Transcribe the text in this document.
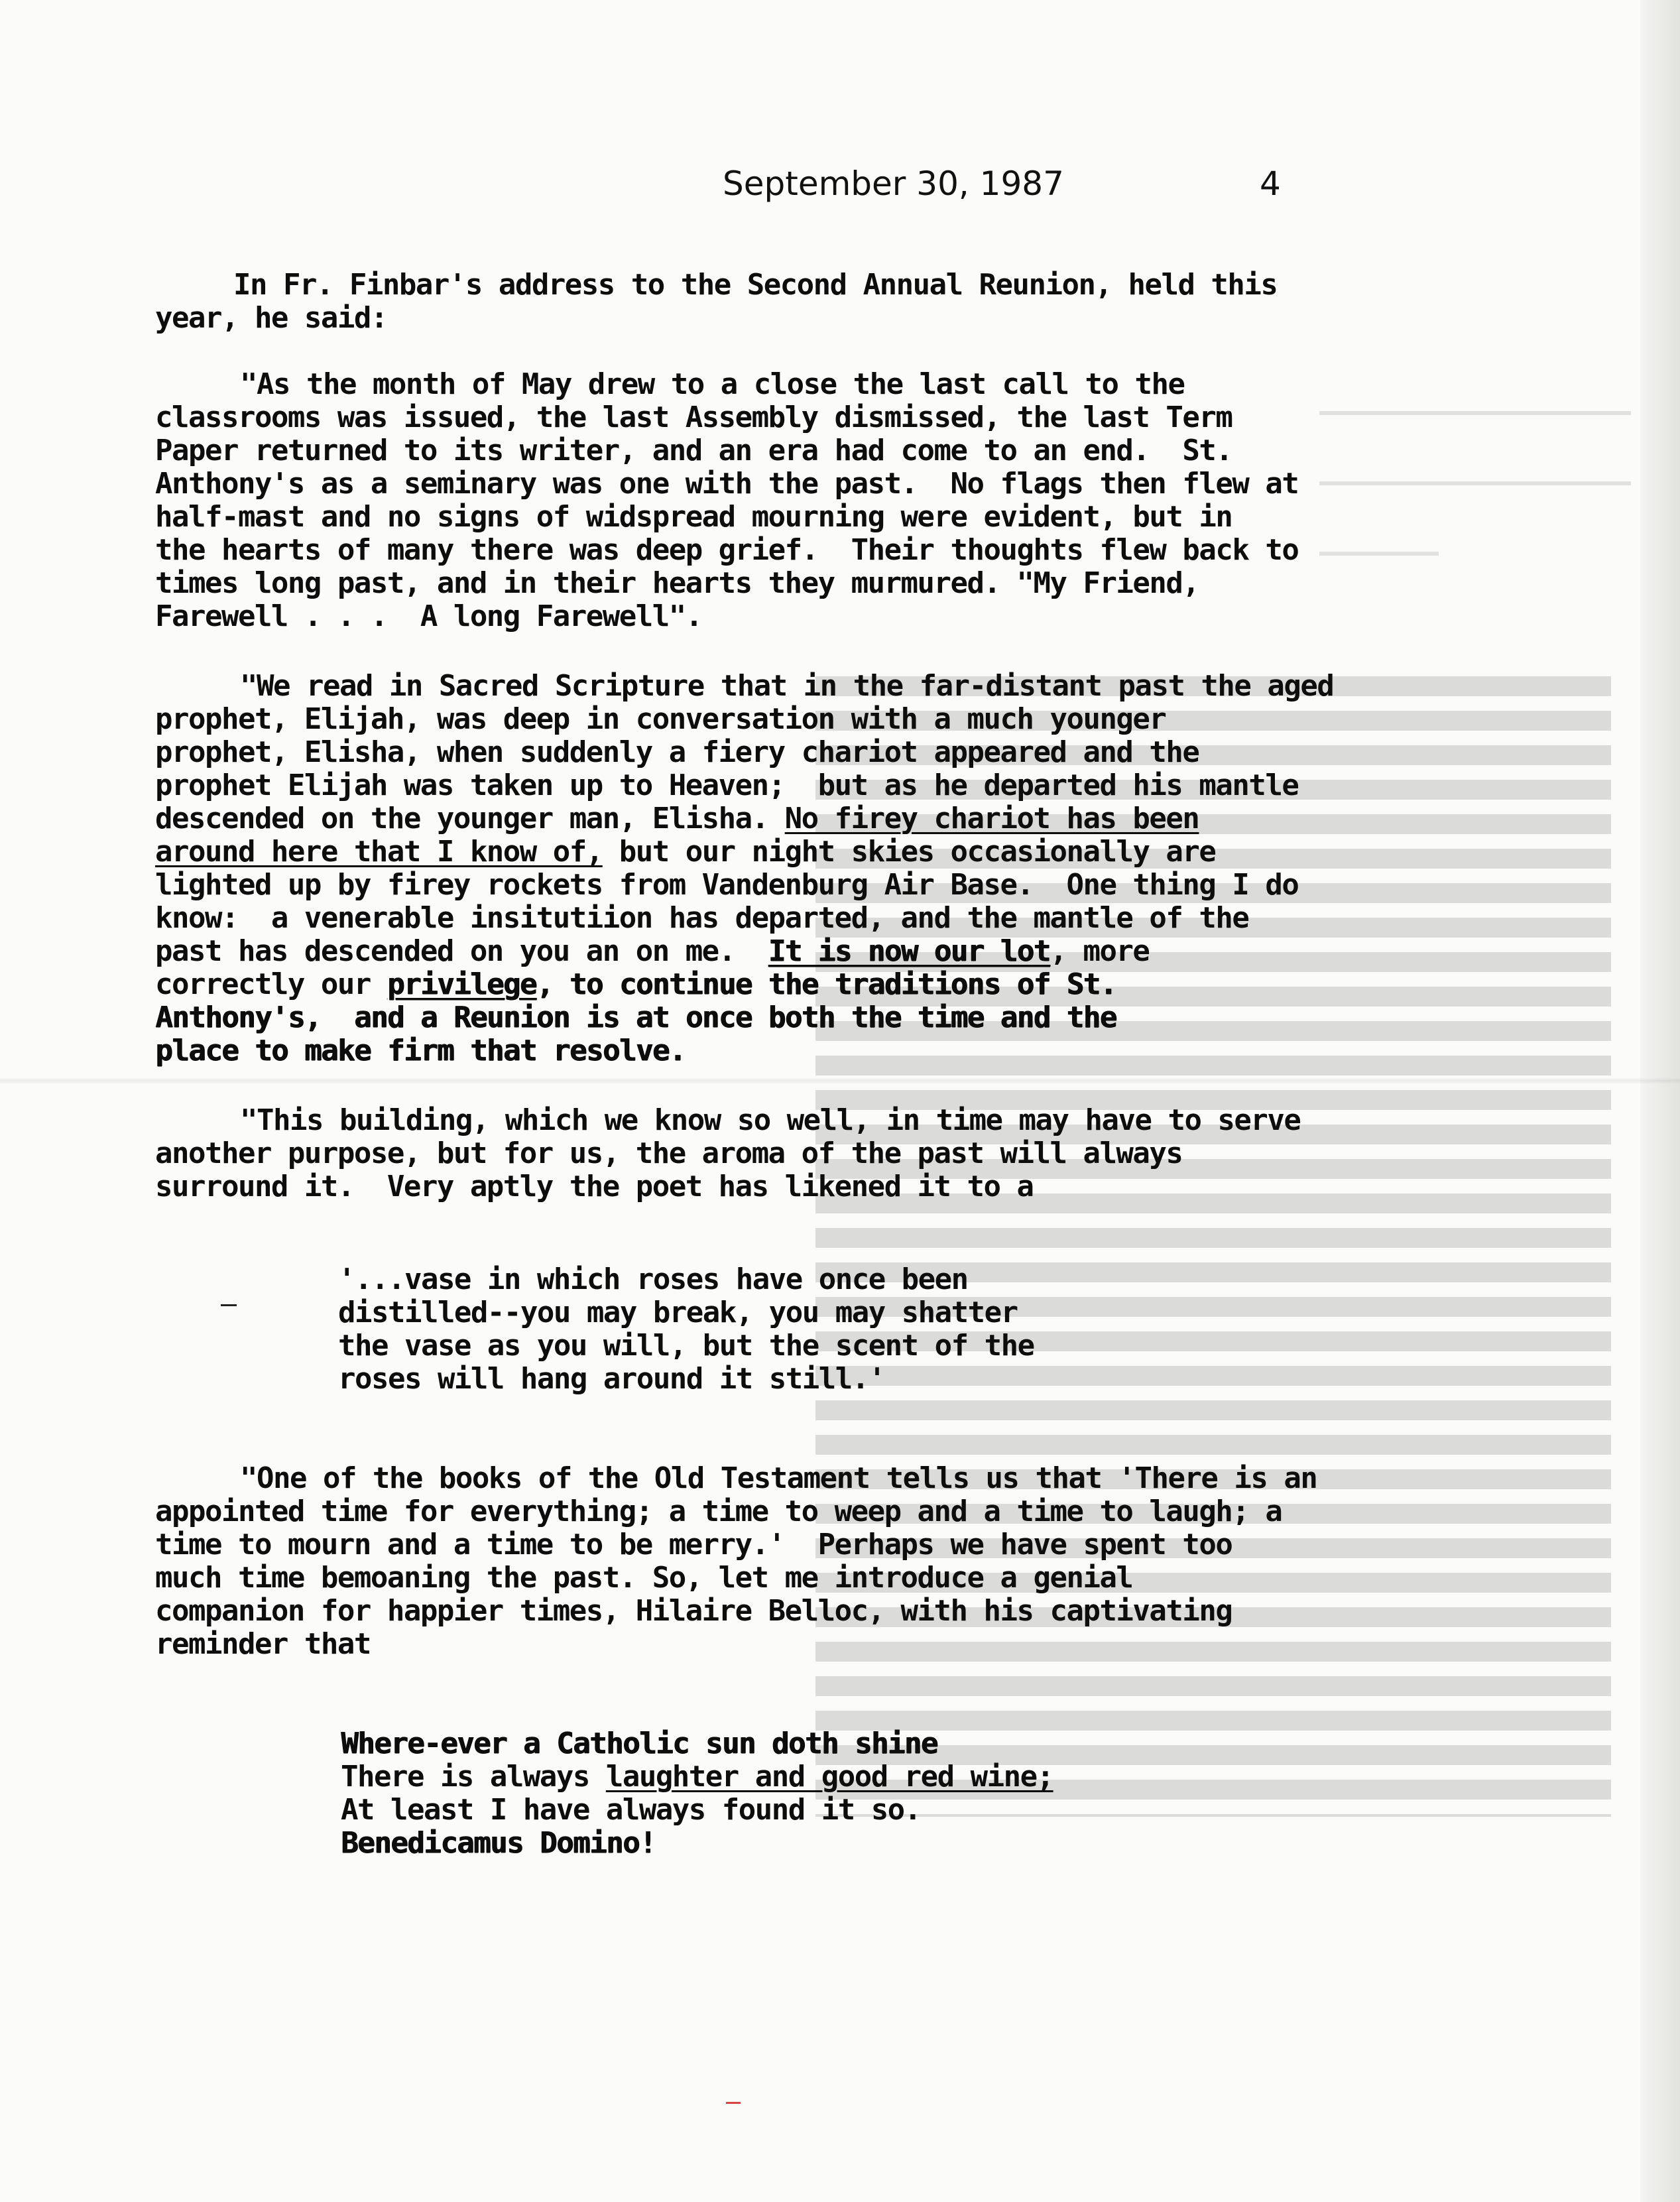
September 30, 1987	4

In Fr. Finbar's address to the Second Annual Reunion, held this

year, he said:

"As the month of May drew to a close the last call to the

classrooms was issued, the last Assembly dismissed, the last Term

Paper returned to its writer, and an era had come to an end.  St.

Anthony's as a seminary was one with the past.  No flags then flew at

half-mast and no signs of widspread mourning were evident, but in

the hearts of many there was deep grief.  Their thoughts flew back to

times long past, and in their hearts they murmured. "My Friend,

Farewell . . .  A long Farewell".

"We read in Sacred Scripture that in the far-distant past the aged

prophet, Elijah, was deep in conversation with a much younger

prophet, Elisha, when suddenly a fiery chariot appeared and the

prophet Elijah was taken up to Heaven;  but as he departed his mantle

descended on the younger man, Elisha. No firey chariot has been

around here that I know of, but our night skies occasionally are

lighted up by firey rockets from Vandenburg Air Base.  One thing I do

know:  a venerable insitutiion has departed, and the mantle of the

past has descended on you an on me.  It is now our lot, more

correctly our privilege, to continue the traditions of St.

Anthony's,  and a Reunion is at once both the time and the

place to make firm that resolve.

"This building, which we know so well, in time may have to serve

another purpose, but for us, the aroma of the past will always

surround it.  Very aptly the poet has likened it to a

'...vase in which roses have once been

distilled--you may break, you may shatter

the vase as you will, but the scent of the

roses will hang around it still.'

"One of the books of the Old Testament tells us that 'There is an

appointed time for everything; a time to weep and a time to laugh; a

time to mourn and a time to be merry.'  Perhaps we have spent too

much time bemoaning the past. So, let me introduce a genial

companion for happier times, Hilaire Belloc, with his captivating

reminder that

Where-ever a Catholic sun doth shine

There is always laughter and good red wine;

At least I have always found it so.

Benedicamus Domino!
